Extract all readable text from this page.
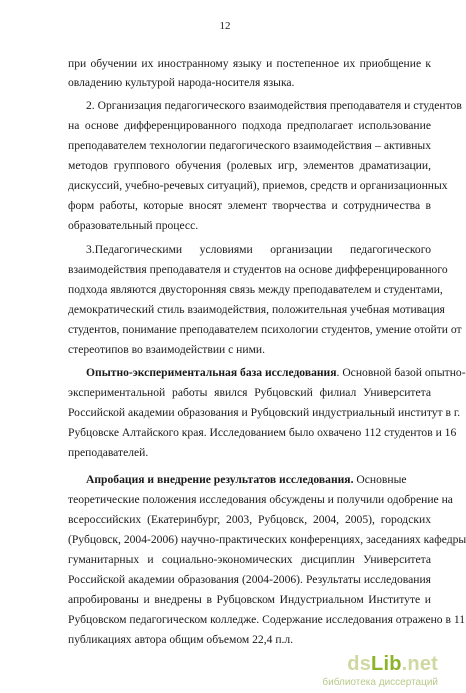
12
при обучении их иностранному языку и постепенное их приобщение к
овладению культурой народа-носителя языка.
2. Организация педагогического взаимодействия преподавателя и студентов
на основе дифференцированного подхода предполагает использование
преподавателем технологии педагогического взаимодействия – активных
методов группового обучения (ролевых игр, элементов драматизации,
дискуссий, учебно-речевых ситуаций), приемов, средств и организационных
форм работы, которые вносят элемент творчества и сотрудничества в
образовательный процесс.
3.Педагогическими условиями организации педагогического
взаимодействия преподавателя и студентов на основе дифференцированного
подхода являются двусторонняя связь между преподавателем и студентами,
демократический стиль взаимодействия, положительная учебная мотивация
студентов, понимание преподавателем психологии студентов, умение отойти от
стереотипов во взаимодействии с ними.
Опытно-экспериментальная база исследования. Основной базой опытно-
экспериментальной работы явился Рубцовский филиал Университета
Российской академии образования и Рубцовский индустриальный институт в г.
Рубцовске Алтайского края. Исследованием было охвачено 112 студентов и 16
преподавателей.
Апробация и внедрение результатов исследования. Основные
теоретические положения исследования обсуждены и получили одобрение на
всероссийских (Екатеринбург, 2003, Рубцовск, 2004, 2005), городских
(Рубцовск, 2004-2006) научно-практических конференциях, заседаниях кафедры
гуманитарных и социально-экономических дисциплин Университета
Российской академии образования (2004-2006). Результаты исследования
апробированы и внедрены в Рубцовском Индустриальном Институте и
Рубцовском педагогическом колледже. Содержание исследования отражено в 11
публикациях автора общим объемом 22,4 п.л.
dsLib.net
библиотека диссертаций
